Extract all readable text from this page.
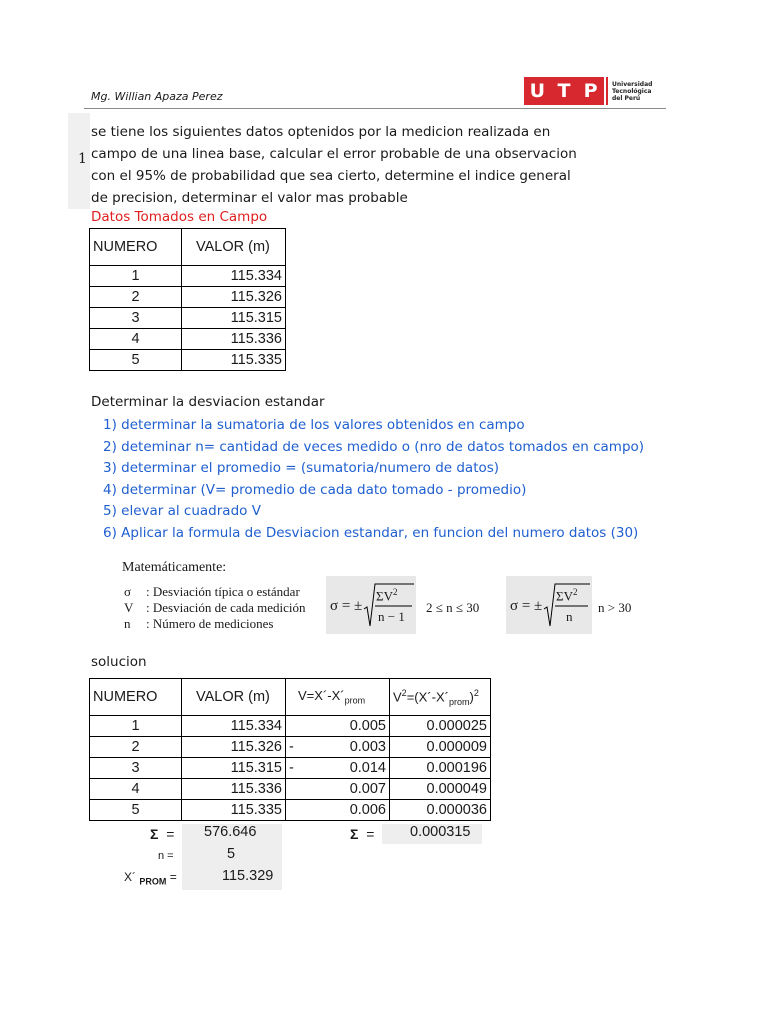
Mg. Willian Apaza Perez	U T P	Universidad
Tecnológica
del Perú
1
se tiene los siguientes datos optenidos por la medicion realizada en
campo de una linea base, calcular el error probable de una observacion
con el 95% de probabilidad que sea cierto, determine el indice general
de precision, determinar el valor mas probable
Datos Tomados en Campo
NUMERO	VALOR (m)
1	115.334
2	115.326
3	115.315
4	115.336
5	115.335
Determinar la desviacion estandar
1) determinar la sumatoria de los valores obtenidos en campo
2) deteminar n= cantidad de veces medido o (nro de datos tomados en campo)
3) determinar el promedio = (sumatoria/numero de datos)
4) determinar (V= promedio de cada dato tomado - promedio)
5) elevar al cuadrado V
6) Aplicar la formula de Desviacion estandar, en funcion del numero datos (30)
Matemáticamente:
σ : Desviación típica o estándar
V : Desviación de cada medición
n : Número de mediciones
σ = ±
$\Sigma V^2$
n − 1
2 ≤ n ≤ 30 σ = ±
$\Sigma V^2$
n
n > 30
solucion
NUMERO	VALOR (m)	$V=X´-X´_{prom}$	$V^2=(X´-X´_{prom})^2$
1	115.334	0.005	0.000025
2	115.326	- 0.003	0.000009
3	115.315	- 0.014	0.000196
4	115.336	0.007	0.000049
5	115.335	0.006	0.000036
Σ = 576.646
n =	5
X´ $_{PROM}$ =	115.329
Σ = 0.000315
